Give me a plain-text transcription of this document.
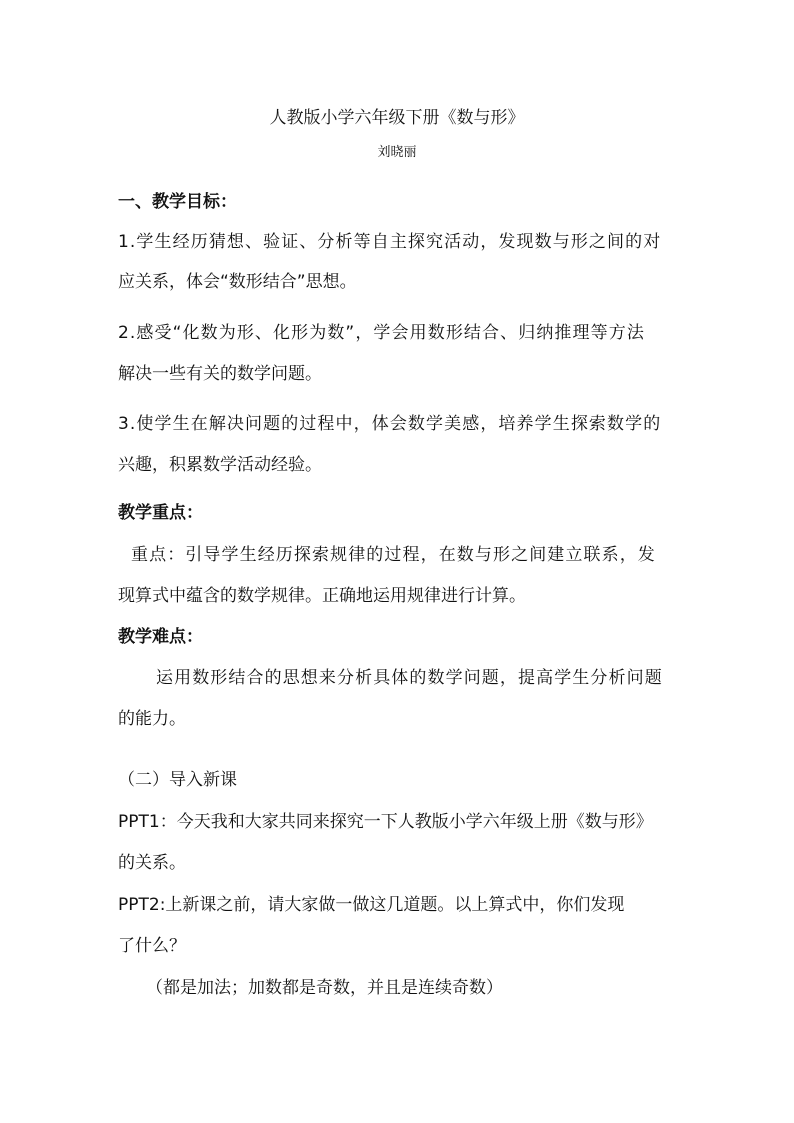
人教版小学六年级下册《数与形》
刘晓丽
一、教学目标：
1.学生经历猜想、验证、分析等自主探究活动，发现数与形之间的对
应关系，体会“数形结合”思想。
2.感受“化数为形、化形为数”，学会用数形结合、归纳推理等方法
解决一些有关的数学问题。
3.使学生在解决问题的过程中，体会数学美感，培养学生探索数学的
兴趣，积累数学活动经验。
教学重点：
重点：引导学生经历探索规律的过程，在数与形之间建立联系，发
现算式中蕴含的数学规律。正确地运用规律进行计算。
教学难点：
运用数形结合的思想来分析具体的数学问题，提高学生分析问题
的能力。
（二）导入新课
PPT1：今天我和大家共同来探究一下人教版小学六年级上册《数与形》
的关系。
PPT2:上新课之前，请大家做一做这几道题。以上算式中，你们发现
了什么？
（都是加法；加数都是奇数，并且是连续奇数）
